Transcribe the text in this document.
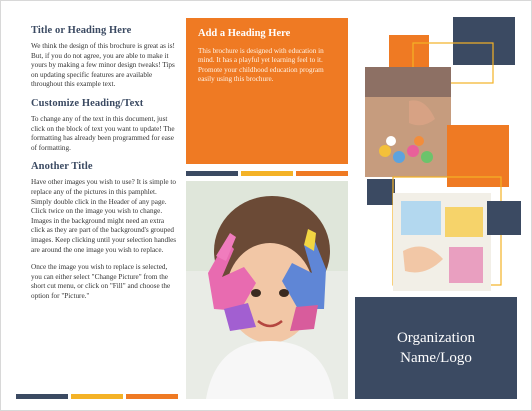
Title or Heading Here
We think the design of this brochure is great as is! But, if you do not agree, you are able to make it yours by making a few minor design tweaks! Tips on updating specific features are available throughout this example text.
Customize Heading/Text
To change any of the text in this document, just click on the block of text you want to update! The formatting has already been programmed for ease of formatting.
Another Title
Have other images you wish to use? It is simple to replace any of the pictures in this pamphlet. Simply double click in the Header of any page. Click twice on the image you wish to change. Images in the background might need an extra click as they are part of the background's grouped images. Keep clicking until your selection handles are around the one image you wish to replace.
Once the image you wish to replace is selected, you can either select "Change Picture" from the short cut menu, or click on "Fill" and choose the option for "Picture."
Add a Heading Here
This brochure is designed with education in mind. It has a playful yet learning feel to it. Promote your childhood education program easily using this brochure.
Organization
Name/Logo
